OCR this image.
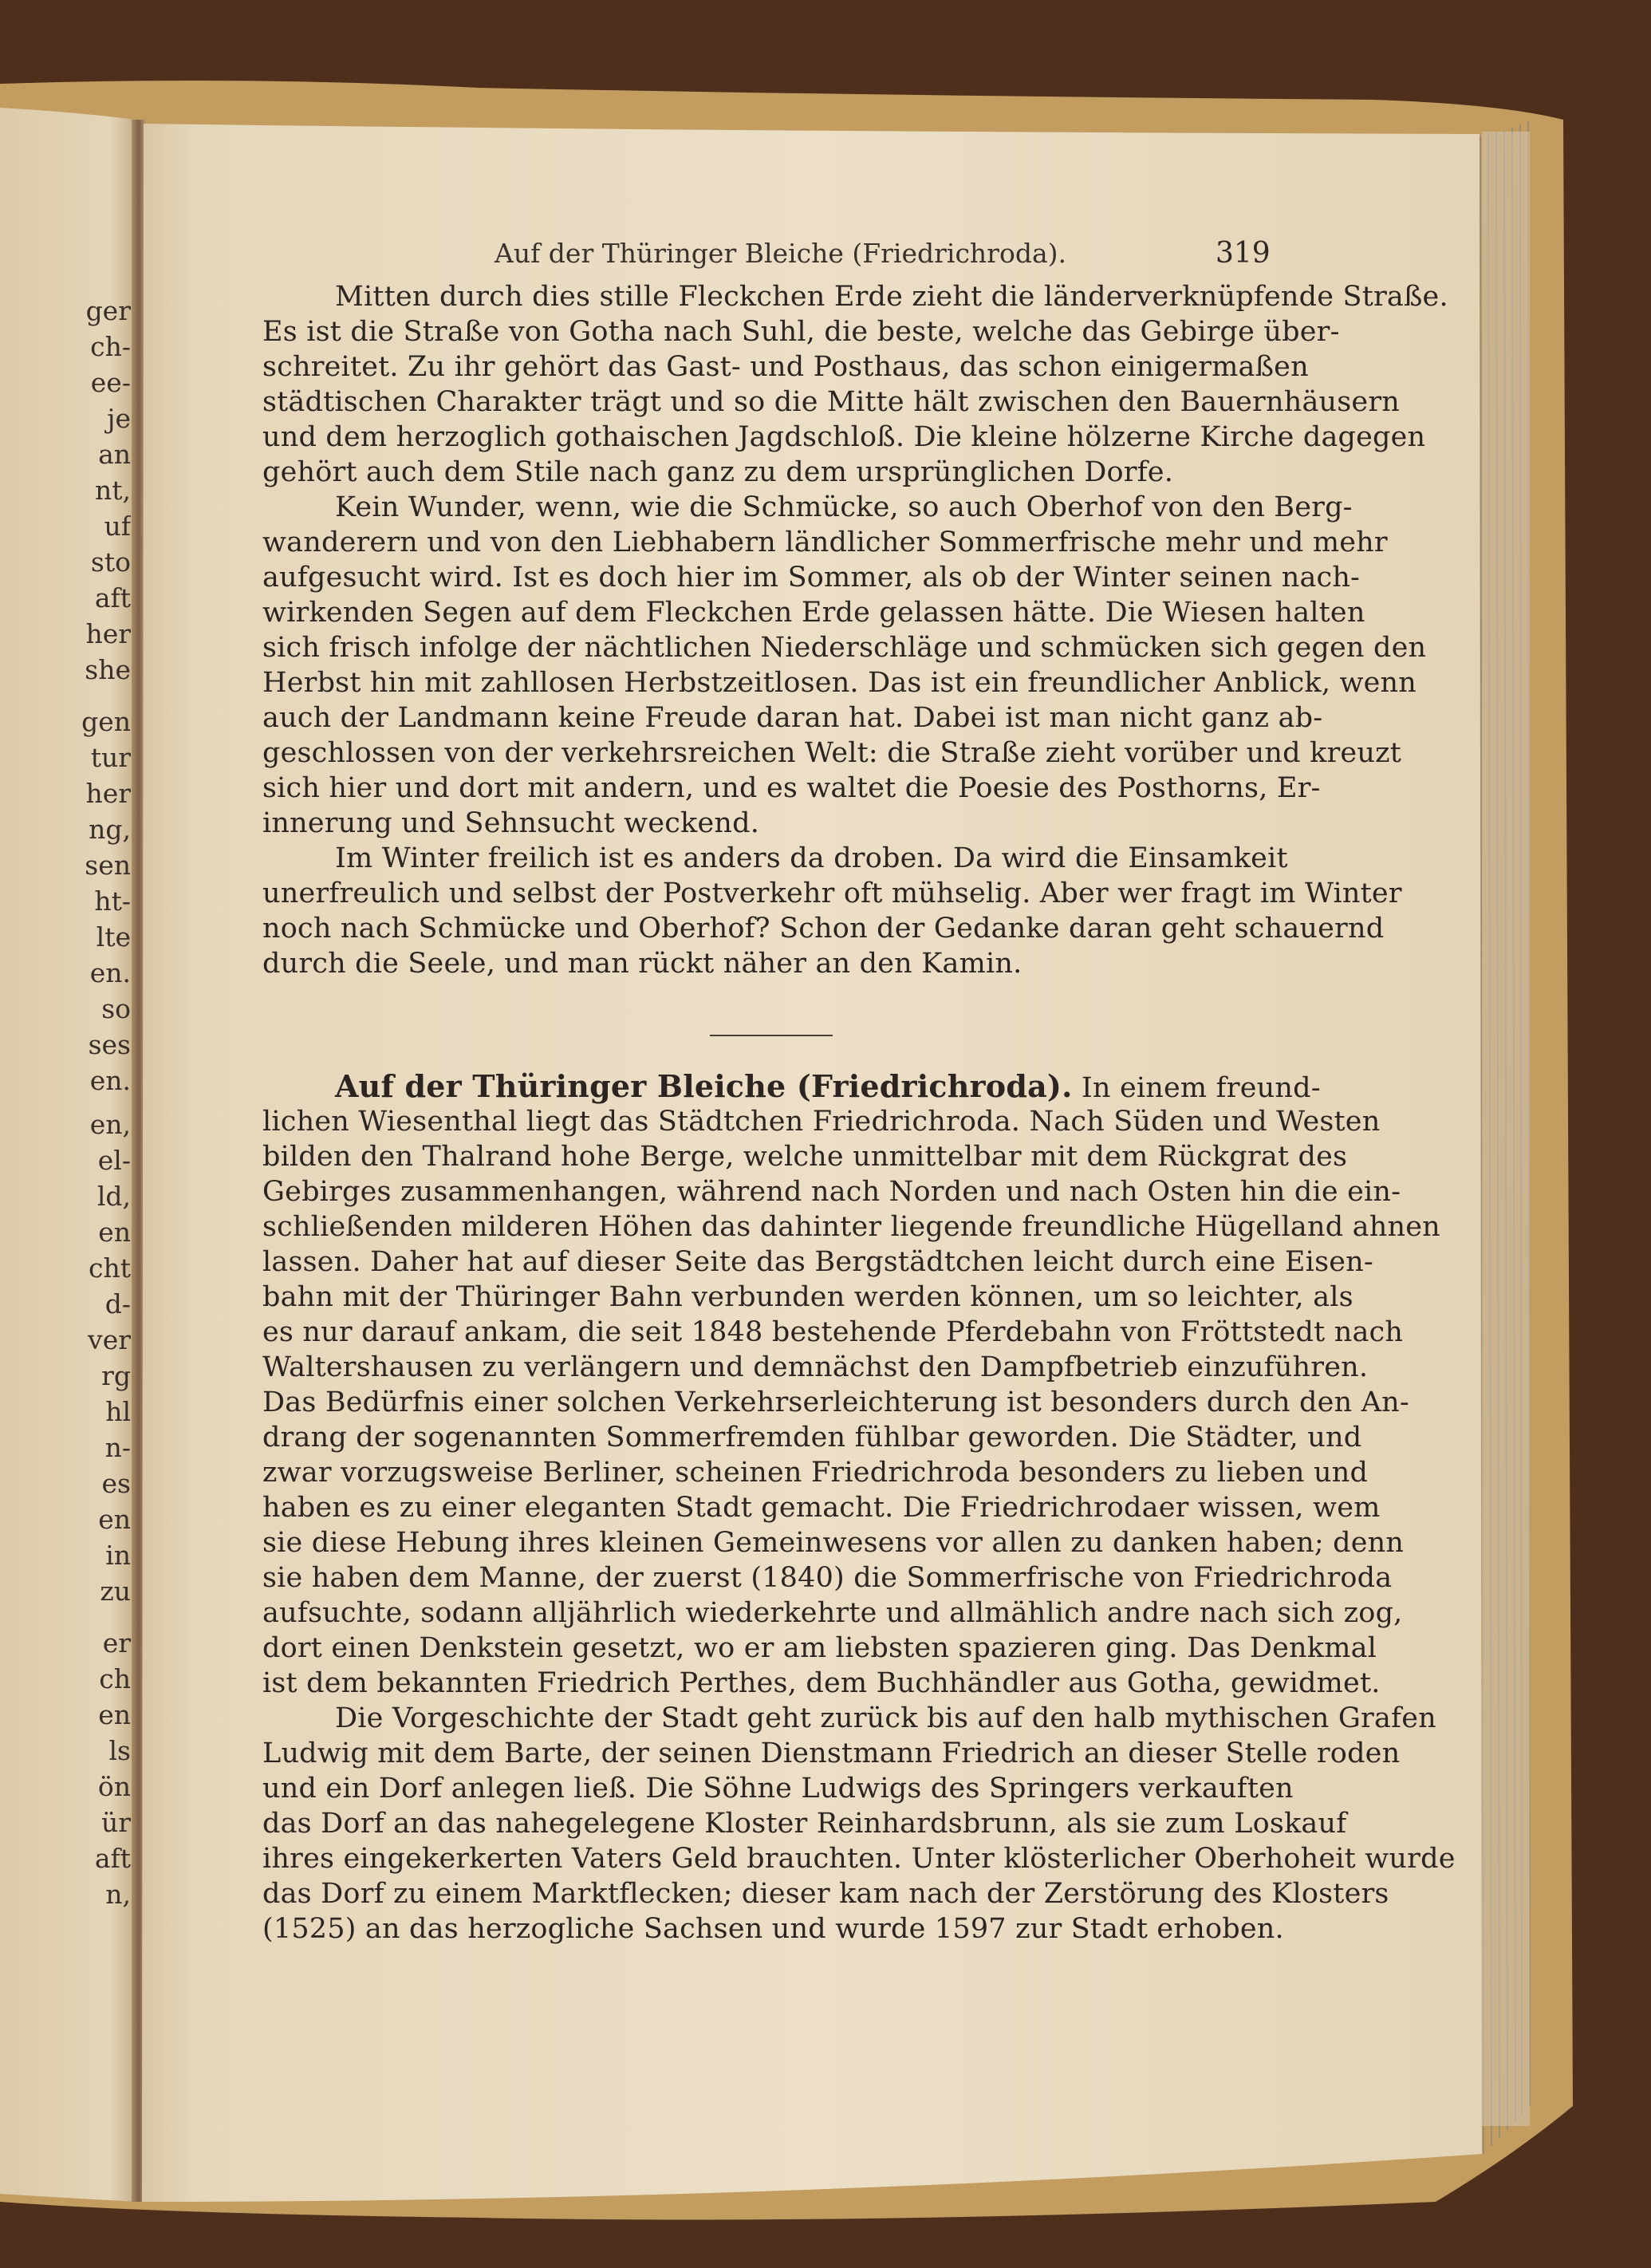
ger

ch-

ee-

je

an

nt,

uf

sto

aft

her

she

gen

tur

her

ng,

sen

ht-

lte

en.

so

ses

en.

en,

el-

ld,

en

cht

d-

ver

rg

hl

n-

es

en

in

zu

er

ch

en

ls

ön

ür

aft

n,

Auf der Thüringer Bleiche (Friedrichroda).	319

Mitten durch dies stille Fleckchen Erde zieht die länderverknüpfende Straße.

Es ist die Straße von Gotha nach Suhl, die beste, welche das Gebirge über-

schreitet. Zu ihr gehört das Gast- und Posthaus, das schon einigermaßen

städtischen Charakter trägt und so die Mitte hält zwischen den Bauernhäusern

und dem herzoglich gothaischen Jagdschloß. Die kleine hölzerne Kirche dagegen

gehört auch dem Stile nach ganz zu dem ursprünglichen Dorfe.

Kein Wunder, wenn, wie die Schmücke, so auch Oberhof von den Berg-

wanderern und von den Liebhabern ländlicher Sommerfrische mehr und mehr

aufgesucht wird. Ist es doch hier im Sommer, als ob der Winter seinen nach-

wirkenden Segen auf dem Fleckchen Erde gelassen hätte. Die Wiesen halten

sich frisch infolge der nächtlichen Niederschläge und schmücken sich gegen den

Herbst hin mit zahllosen Herbstzeitlosen. Das ist ein freundlicher Anblick, wenn

auch der Landmann keine Freude daran hat. Dabei ist man nicht ganz ab-

geschlossen von der verkehrsreichen Welt: die Straße zieht vorüber und kreuzt

sich hier und dort mit andern, und es waltet die Poesie des Posthorns, Er-

innerung und Sehnsucht weckend.

Im Winter freilich ist es anders da droben. Da wird die Einsamkeit

unerfreulich und selbst der Postverkehr oft mühselig. Aber wer fragt im Winter

noch nach Schmücke und Oberhof? Schon der Gedanke daran geht schauernd

durch die Seele, und man rückt näher an den Kamin.

Auf der Thüringer Bleiche (Friedrichroda). In einem freund-

lichen Wiesenthal liegt das Städtchen Friedrichroda. Nach Süden und Westen

bilden den Thalrand hohe Berge, welche unmittelbar mit dem Rückgrat des

Gebirges zusammenhangen, während nach Norden und nach Osten hin die ein-

schließenden milderen Höhen das dahinter liegende freundliche Hügelland ahnen

lassen. Daher hat auf dieser Seite das Bergstädtchen leicht durch eine Eisen-

bahn mit der Thüringer Bahn verbunden werden können, um so leichter, als

es nur darauf ankam, die seit 1848 bestehende Pferdebahn von Fröttstedt nach

Waltershausen zu verlängern und demnächst den Dampfbetrieb einzuführen.

Das Bedürfnis einer solchen Verkehrserleichterung ist besonders durch den An-

drang der sogenannten Sommerfremden fühlbar geworden. Die Städter, und

zwar vorzugsweise Berliner, scheinen Friedrichroda besonders zu lieben und

haben es zu einer eleganten Stadt gemacht. Die Friedrichrodaer wissen, wem

sie diese Hebung ihres kleinen Gemeinwesens vor allen zu danken haben; denn

sie haben dem Manne, der zuerst (1840) die Sommerfrische von Friedrichroda

aufsuchte, sodann alljährlich wiederkehrte und allmählich andre nach sich zog,

dort einen Denkstein gesetzt, wo er am liebsten spazieren ging. Das Denkmal

ist dem bekannten Friedrich Perthes, dem Buchhändler aus Gotha, gewidmet.

Die Vorgeschichte der Stadt geht zurück bis auf den halb mythischen Grafen

Ludwig mit dem Barte, der seinen Dienstmann Friedrich an dieser Stelle roden

und ein Dorf anlegen ließ. Die Söhne Ludwigs des Springers verkauften

das Dorf an das nahegelegene Kloster Reinhardsbrunn, als sie zum Loskauf

ihres eingekerkerten Vaters Geld brauchten. Unter klösterlicher Oberhoheit wurde

das Dorf zu einem Marktflecken; dieser kam nach der Zerstörung des Klosters

(1525) an das herzogliche Sachsen und wurde 1597 zur Stadt erhoben.
